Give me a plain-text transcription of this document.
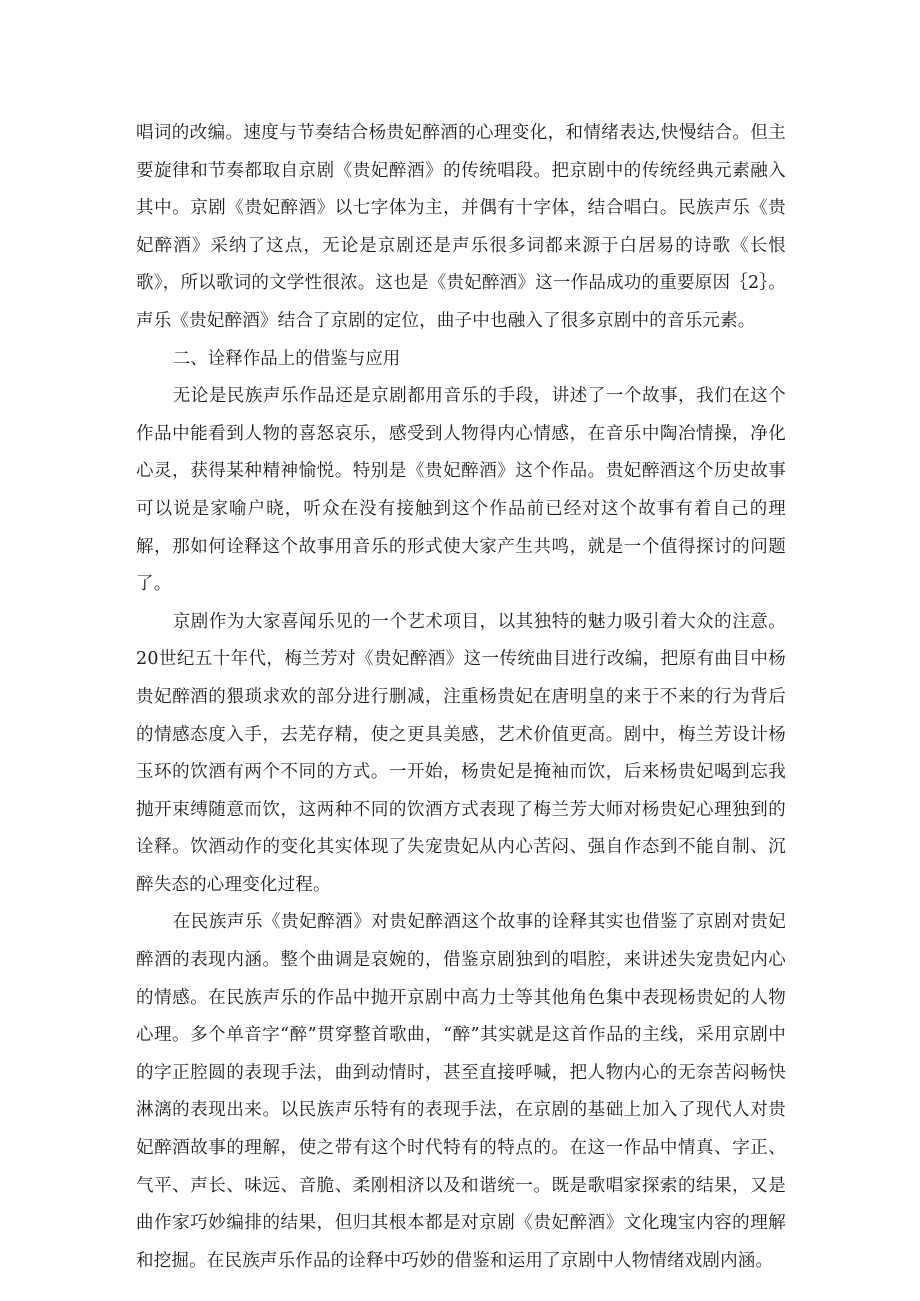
唱词的改编。速度与节奏结合杨贵妃醉酒的心理变化，和情绪表达,快慢结合。但主要旋律和节奏都取自京剧《贵妃醉酒》的传统唱段。把京剧中的传统经典元素融入其中。京剧《贵妃醉酒》以七字体为主，并偶有十字体，结合唱白。民族声乐《贵妃醉酒》采纳了这点，无论是京剧还是声乐很多词都来源于白居易的诗歌《长恨歌》，所以歌词的文学性很浓。这也是《贵妃醉酒》这一作品成功的重要原因｛2｝。声乐《贵妃醉酒》结合了京剧的定位，曲子中也融入了很多京剧中的音乐元素。

二、诠释作品上的借鉴与应用

无论是民族声乐作品还是京剧都用音乐的手段，讲述了一个故事，我们在这个作品中能看到人物的喜怒哀乐，感受到人物得内心情感，在音乐中陶冶情操，净化心灵，获得某种精神愉悦。特别是《贵妃醉酒》这个作品。贵妃醉酒这个历史故事可以说是家喻户晓，听众在没有接触到这个作品前已经对这个故事有着自己的理解，那如何诠释这个故事用音乐的形式使大家产生共鸣，就是一个值得探讨的问题了。

京剧作为大家喜闻乐见的一个艺术项目，以其独特的魅力吸引着大众的注意。20世纪五十年代，梅兰芳对《贵妃醉酒》这一传统曲目进行改编，把原有曲目中杨贵妃醉酒的猥琐求欢的部分进行删减，注重杨贵妃在唐明皇的来于不来的行为背后的情感态度入手，去芜存精，使之更具美感，艺术价值更高。剧中，梅兰芳设计杨玉环的饮酒有两个不同的方式。一开始，杨贵妃是掩袖而饮，后来杨贵妃喝到忘我抛开束缚随意而饮，这两种不同的饮酒方式表现了梅兰芳大师对杨贵妃心理独到的诠释。饮酒动作的变化其实体现了失宠贵妃从内心苦闷、强自作态到不能自制、沉醉失态的心理变化过程。

在民族声乐《贵妃醉酒》对贵妃醉酒这个故事的诠释其实也借鉴了京剧对贵妃醉酒的表现内涵。整个曲调是哀婉的，借鉴京剧独到的唱腔，来讲述失宠贵妃内心的情感。在民族声乐的作品中抛开京剧中高力士等其他角色集中表现杨贵妃的人物心理。多个单音字“醉”贯穿整首歌曲，“醉”其实就是这首作品的主线，采用京剧中的字正腔圆的表现手法，曲到动情时，甚至直接呼喊，把人物内心的无奈苦闷畅快淋漓的表现出来。以民族声乐特有的表现手法，在京剧的基础上加入了现代人对贵妃醉酒故事的理解，使之带有这个时代特有的特点的。在这一作品中情真、字正、气平、声长、味远、音脆、柔刚相济以及和谐统一。既是歌唱家探索的结果，又是曲作家巧妙编排的结果，但归其根本都是对京剧《贵妃醉酒》文化瑰宝内容的理解和挖掘。在民族声乐作品的诠释中巧妙的借鉴和运用了京剧中人物情绪戏剧内涵。
